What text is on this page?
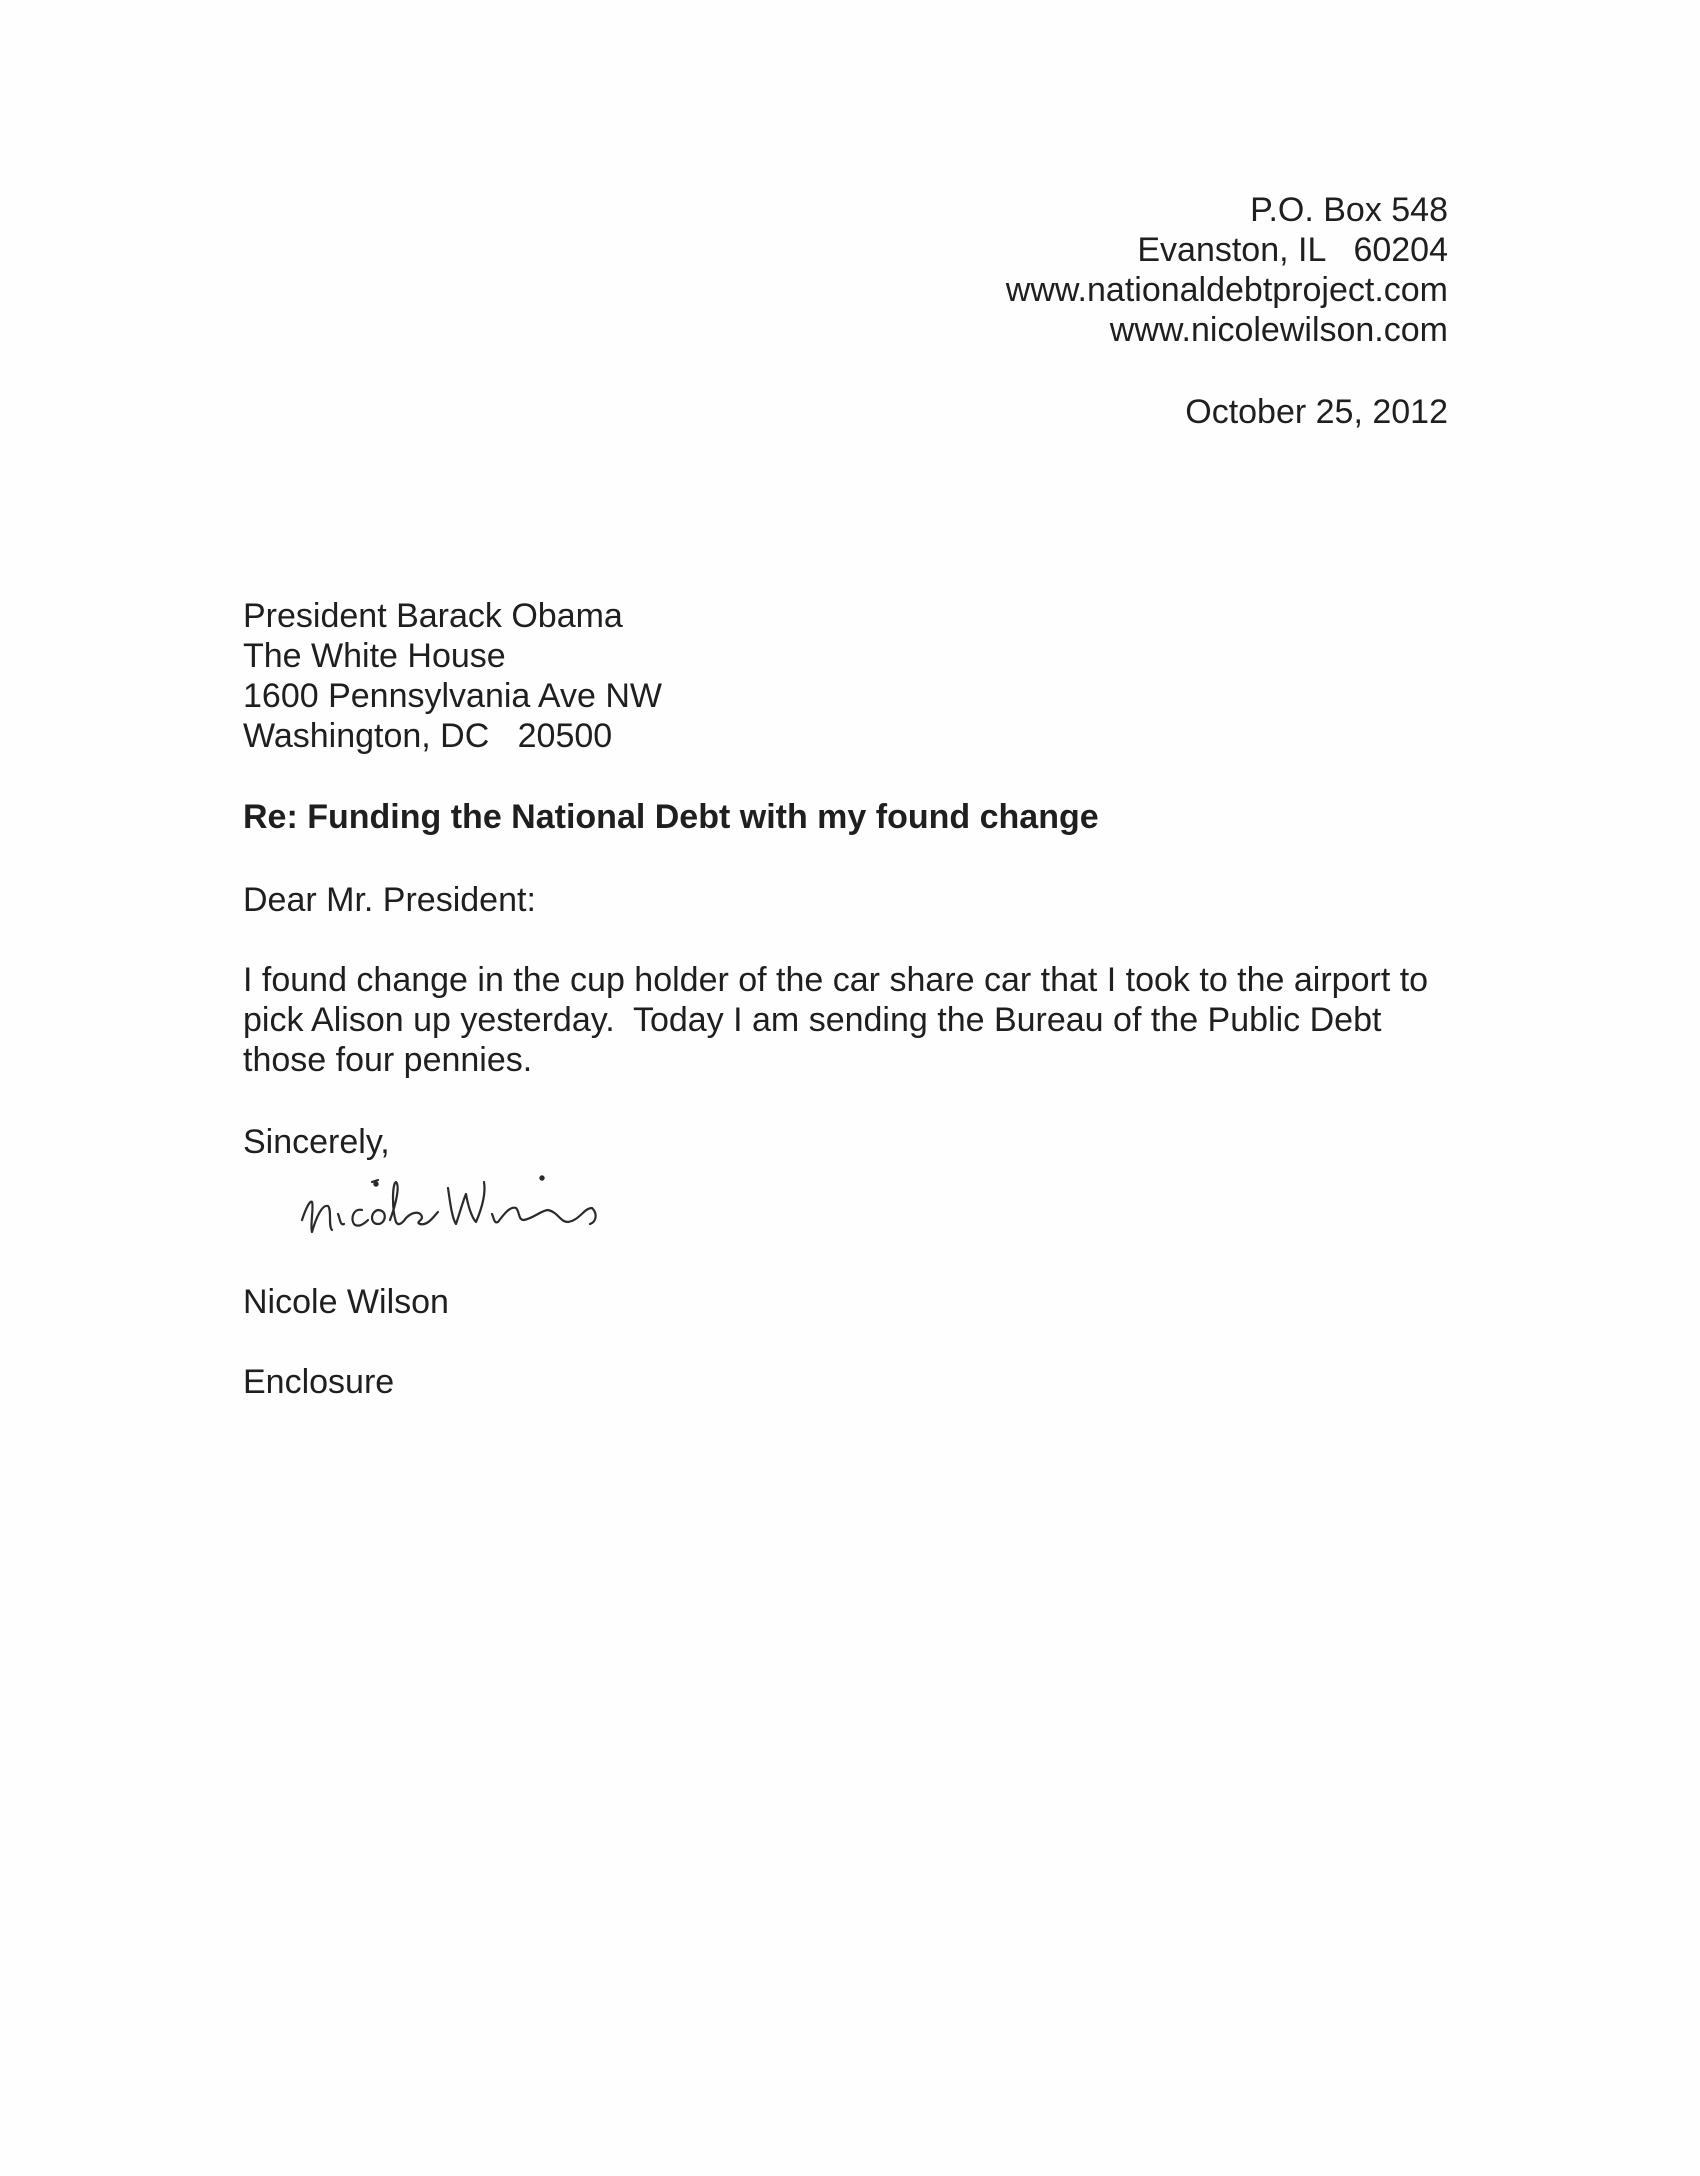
P.O. Box 548
Evanston, IL   60204
www.nationaldebtproject.com
www.nicolewilson.com
October 25, 2012
President Barack Obama
The White House
1600 Pennsylvania Ave NW
Washington, DC   20500
Re: Funding the National Debt with my found change
Dear Mr. President:
I found change in the cup holder of the car share car that I took to the airport to
pick Alison up yesterday.  Today I am sending the Bureau of the Public Debt
those four pennies.
Sincerely,
Nicole Wilson
Enclosure
